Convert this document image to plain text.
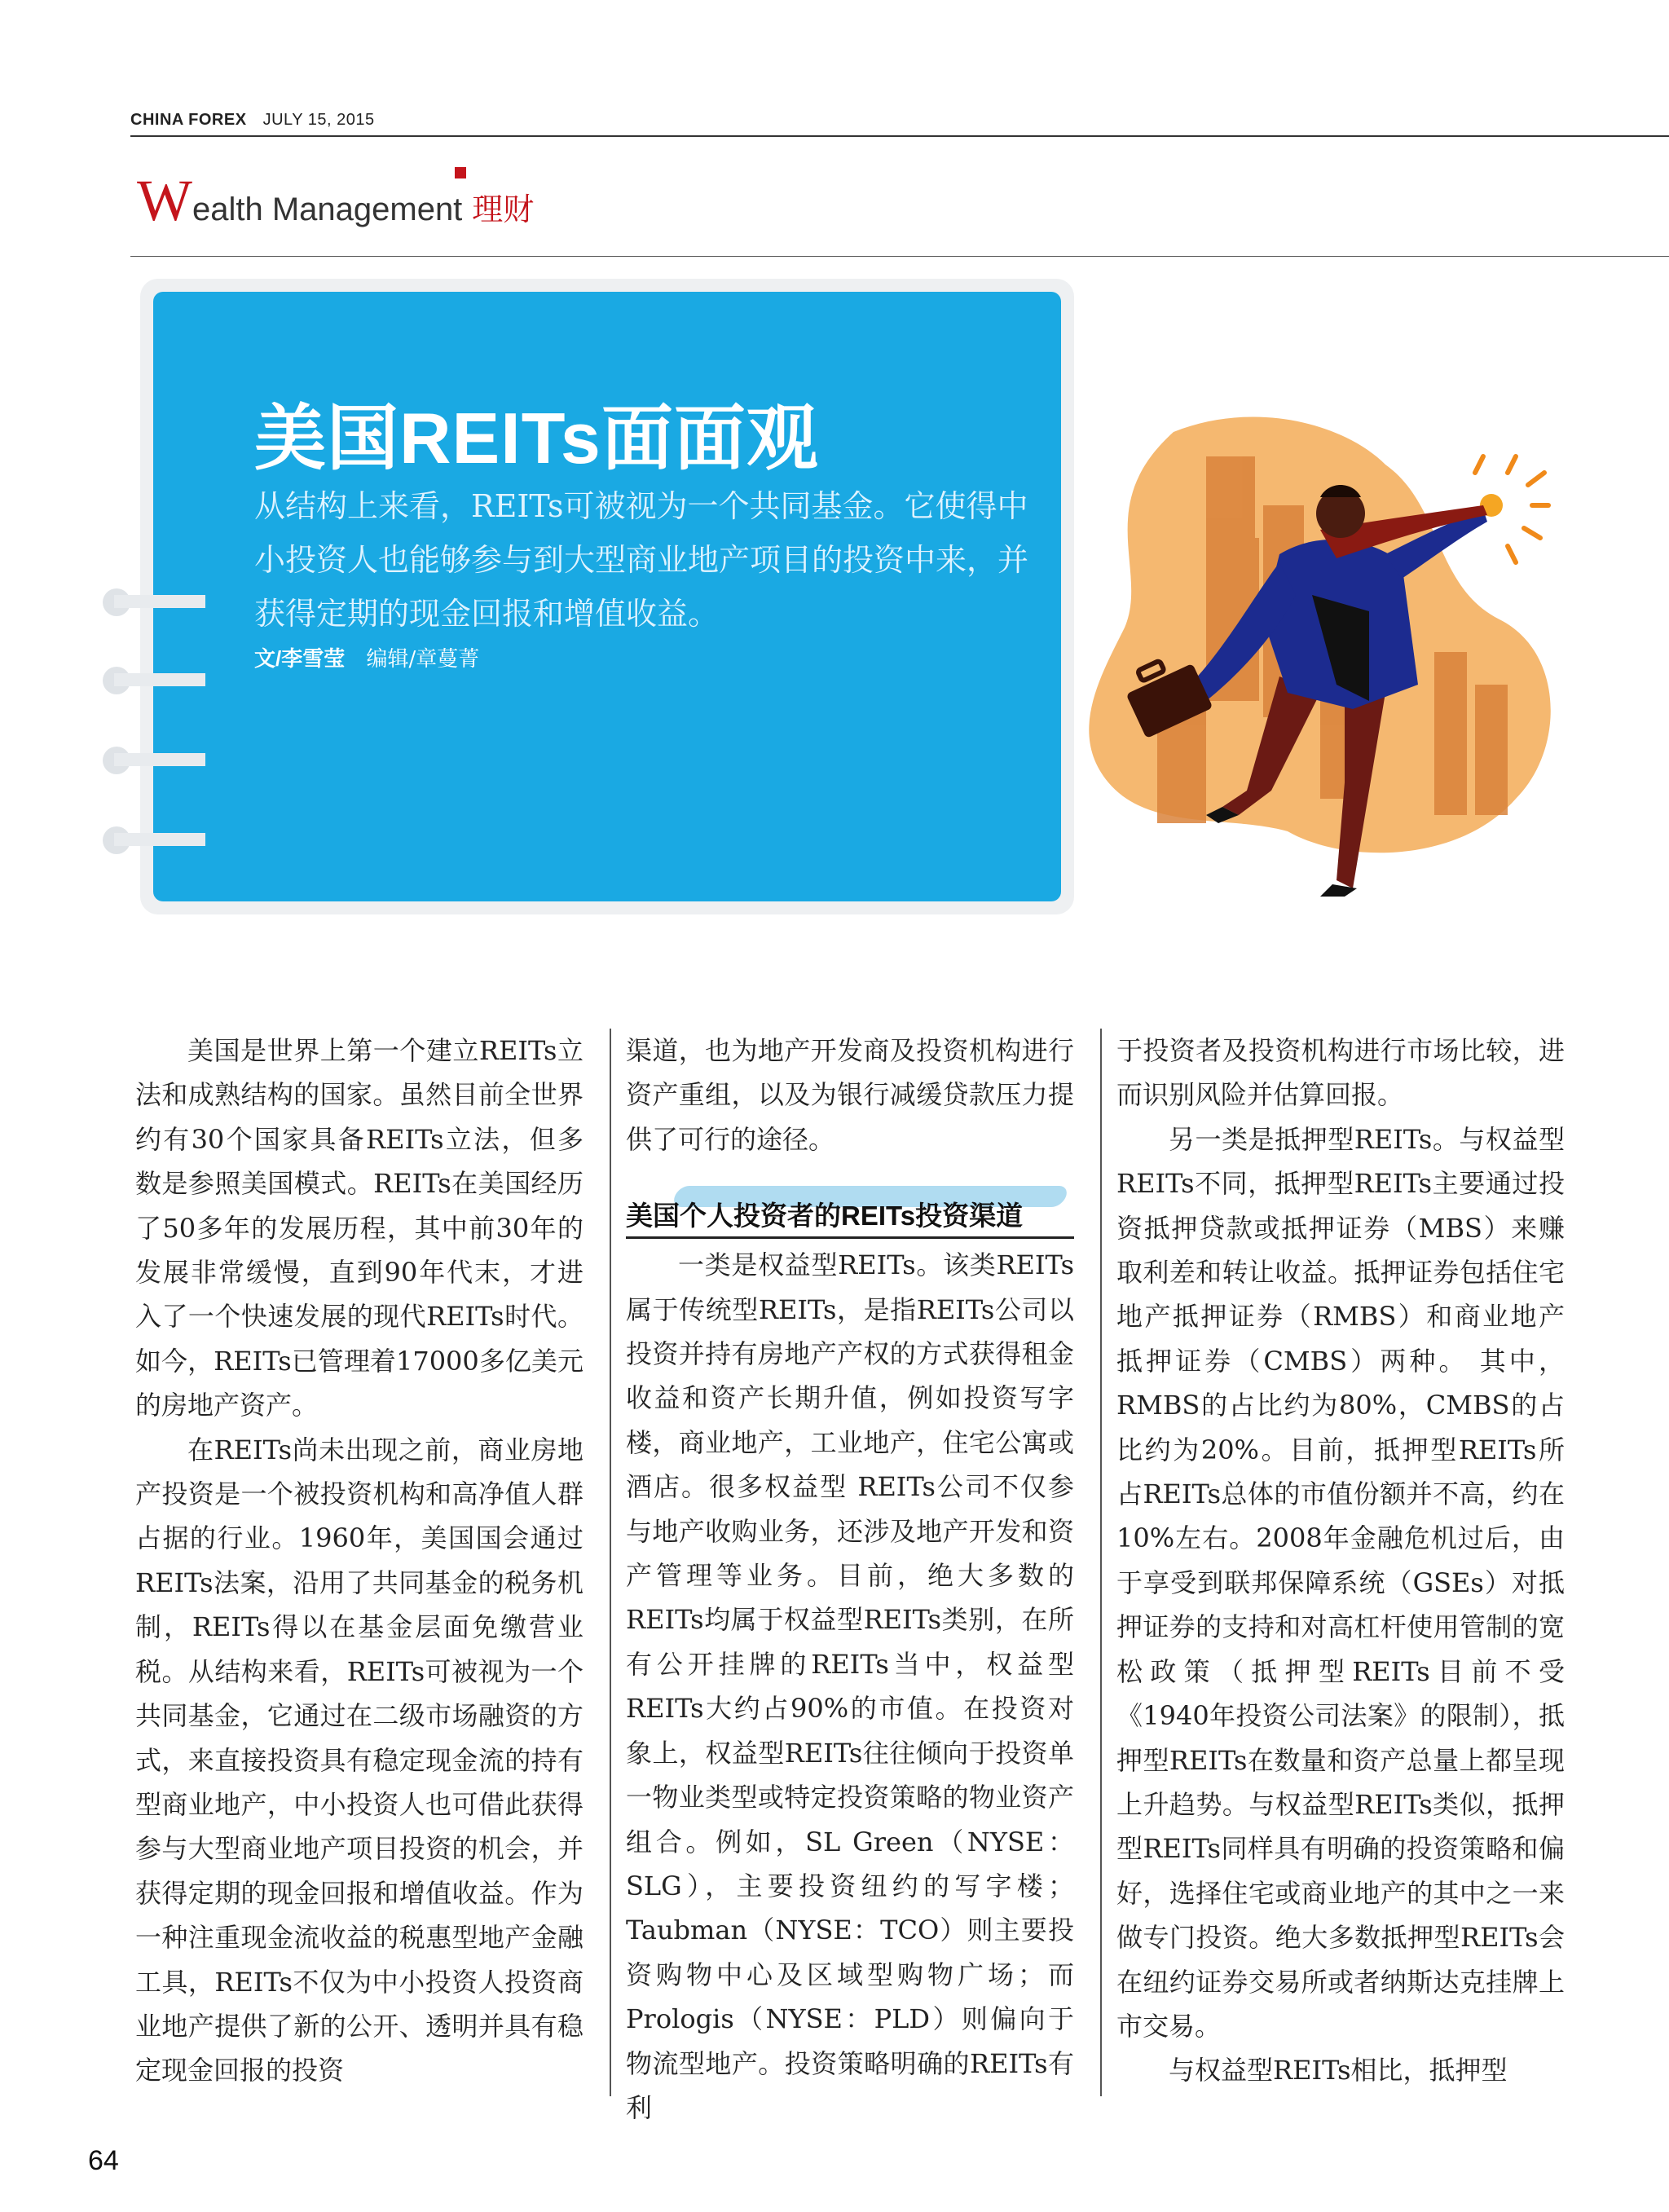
CHINA FOREX JULY 15, 2015
Wealth Management 理财
美国REITs面面观
从结构上来看，REITs可被视为一个共同基金。它使得中小投资人也能够参与到大型商业地产项目的投资中来，并获得定期的现金回报和增值收益。
文/李雪莹 编辑/章蔓菁

美国是世界上第一个建立REITs立法和成熟结构的国家。虽然目前全世界约有30个国家具备REITs立法，但多数是参照美国模式。REITs在美国经历了50多年的发展历程，其中前30年的发展非常缓慢，直到90年代末，才进入了一个快速发展的现代REITs时代。如今，REITs已管理着17000多亿美元的房地产资产。

在REITs尚未出现之前，商业房地产投资是一个被投资机构和高净值人群占据的行业。1960年，美国国会通过REITs法案，沿用了共同基金的税务机制，REITs得以在基金层面免缴营业税。从结构来看，REITs可被视为一个共同基金，它通过在二级市场融资的方式，来直接投资具有稳定现金流的持有型商业地产，中小投资人也可借此获得参与大型商业地产项目投资的机会，并获得定期的现金回报和增值收益。作为一种注重现金流收益的税惠型地产金融工具，REITs不仅为中小投资人投资商业地产提供了新的公开、透明并具有稳定现金回报的投资

渠道，也为地产开发商及投资机构进行资产重组，以及为银行减缓贷款压力提供了可行的途径。

美国个人投资者的REITs投资渠道

一类是权益型REITs。该类REITs属于传统型REITs，是指REITs公司以投资并持有房地产产权的方式获得租金收益和资产长期升值，例如投资写字楼，商业地产，工业地产，住宅公寓或酒店。很多权益型 REITs公司不仅参与地产收购业务，还涉及地产开发和资产管理等业务。目前，绝大多数的REITs均属于权益型REITs类别，在所有公开挂牌的REITs当中，权益型REITs大约占90%的市值。在投资对象上，权益型REITs往往倾向于投资单一物业类型或特定投资策略的物业资产组合。例如，SL Green（NYSE：SLG），主要投资纽约的写字楼；Taubman（NYSE：TCO）则主要投资购物中心及区域型购物广场；而Prologis（NYSE：PLD）则偏向于物流型地产。投资策略明确的REITs有利

于投资者及投资机构进行市场比较，进而识别风险并估算回报。

另一类是抵押型REITs。与权益型REITs不同，抵押型REITs主要通过投资抵押贷款或抵押证券（MBS）来赚取利差和转让收益。抵押证券包括住宅地产抵押证券（RMBS）和商业地产抵押证券（CMBS）两种。 其中，RMBS的占比约为80%，CMBS的占比约为20%。目前，抵押型REITs所占REITs总体的市值份额并不高，约在10%左右。2008年金融危机过后，由于享受到联邦保障系统（GSEs）对抵押证券的支持和对高杠杆使用管制的宽松政策（抵押型REITs目前不受《1940年投资公司法案》的限制），抵押型REITs在数量和资产总量上都呈现上升趋势。与权益型REITs类似，抵押型REITs同样具有明确的投资策略和偏好，选择住宅或商业地产的其中之一来做专门投资。绝大多数抵押型REITs会在纽约证券交易所或者纳斯达克挂牌上市交易。

与权益型REITs相比，抵押型

64
